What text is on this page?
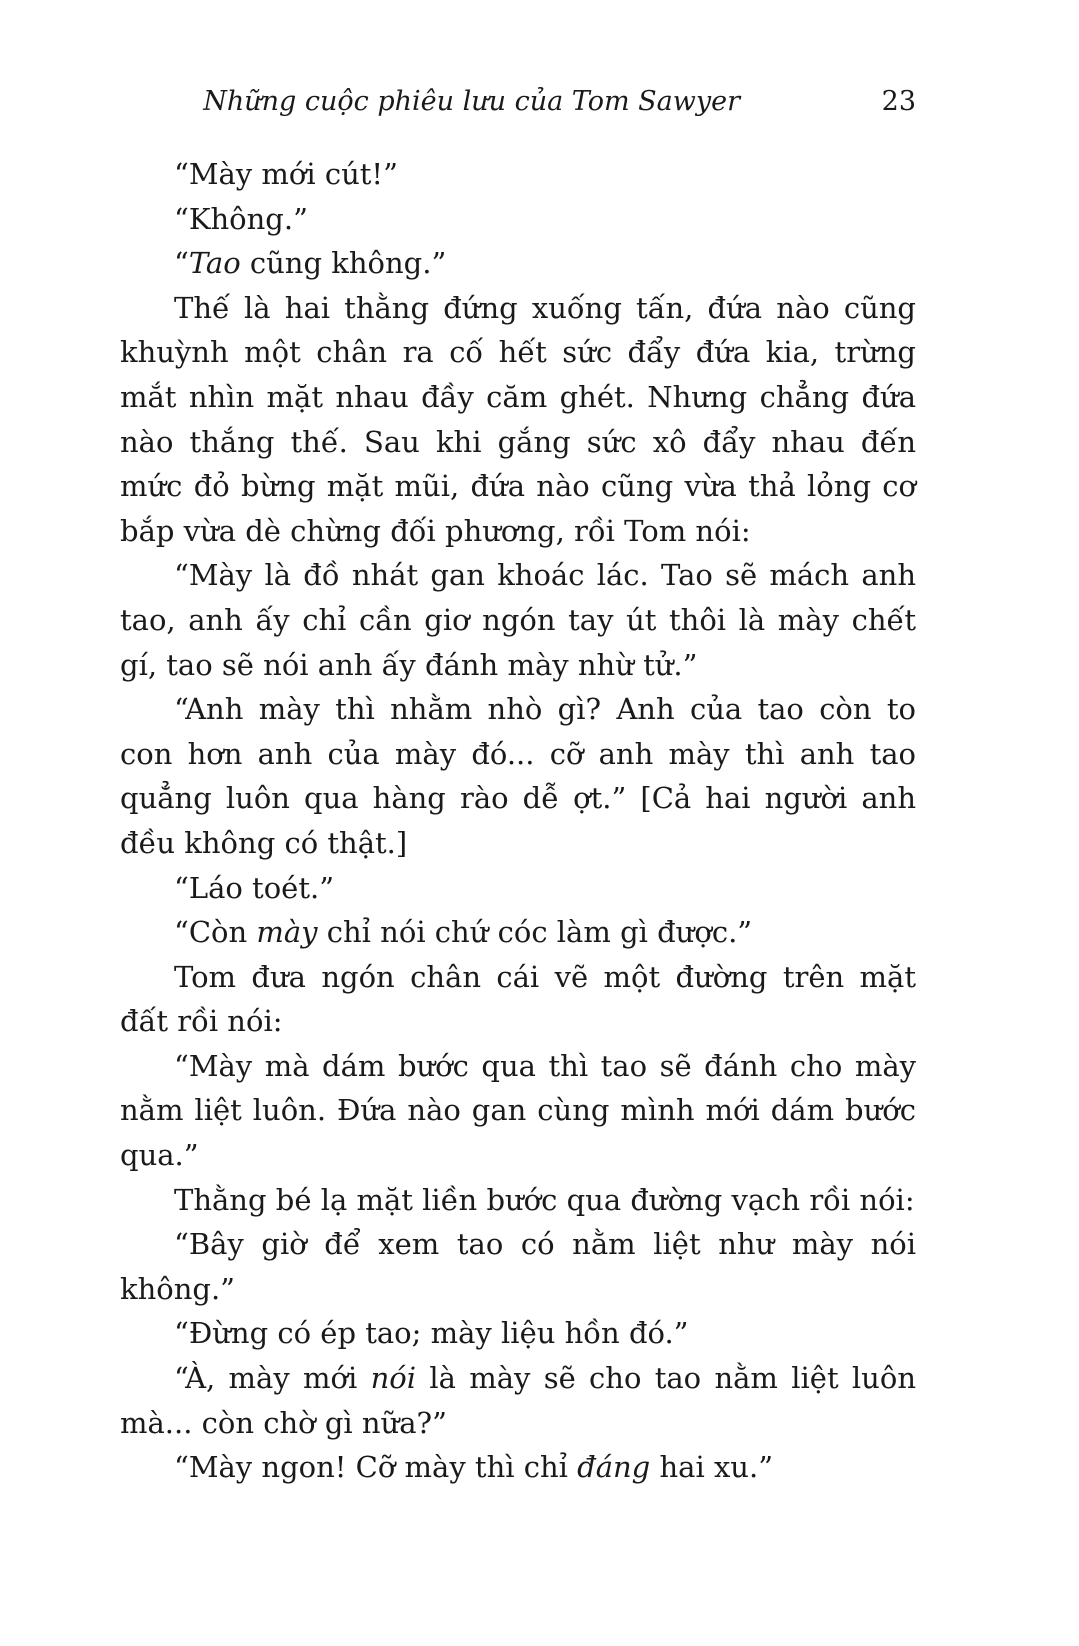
Những cuộc phiêu lưu của Tom Sawyer	23

“Mày mới cút!”

“Không.”

“Tao cũng không.”

Thế là hai thằng đứng xuống tấn, đứa nào cũng khuỳnh một chân ra cố hết sức đẩy đứa kia, trừng mắt nhìn mặt nhau đầy căm ghét. Nhưng chẳng đứa nào thắng thế. Sau khi gắng sức xô đẩy nhau đến mức đỏ bừng mặt mũi, đứa nào cũng vừa thả lỏng cơ bắp vừa dè chừng đối phương, rồi Tom nói:

“Mày là đồ nhát gan khoác lác. Tao sẽ mách anh tao, anh ấy chỉ cần giơ ngón tay út thôi là mày chết gí, tao sẽ nói anh ấy đánh mày nhừ tử.”

“Anh mày thì nhằm nhò gì? Anh của tao còn to con hơn anh của mày đó... cỡ anh mày thì anh tao quẳng luôn qua hàng rào dễ ợt.” [Cả hai người anh đều không có thật.]

“Láo toét.”

“Còn mày chỉ nói chứ cóc làm gì được.”

Tom đưa ngón chân cái vẽ một đường trên mặt đất rồi nói:

“Mày mà dám bước qua thì tao sẽ đánh cho mày nằm liệt luôn. Đứa nào gan cùng mình mới dám bước qua.”

Thằng bé lạ mặt liền bước qua đường vạch rồi nói:

“Bây giờ để xem tao có nằm liệt như mày nói không.”

“Đừng có ép tao; mày liệu hồn đó.”

“À, mày mới nói là mày sẽ cho tao nằm liệt luôn mà... còn chờ gì nữa?”

“Mày ngon! Cỡ mày thì chỉ đáng hai xu.”
